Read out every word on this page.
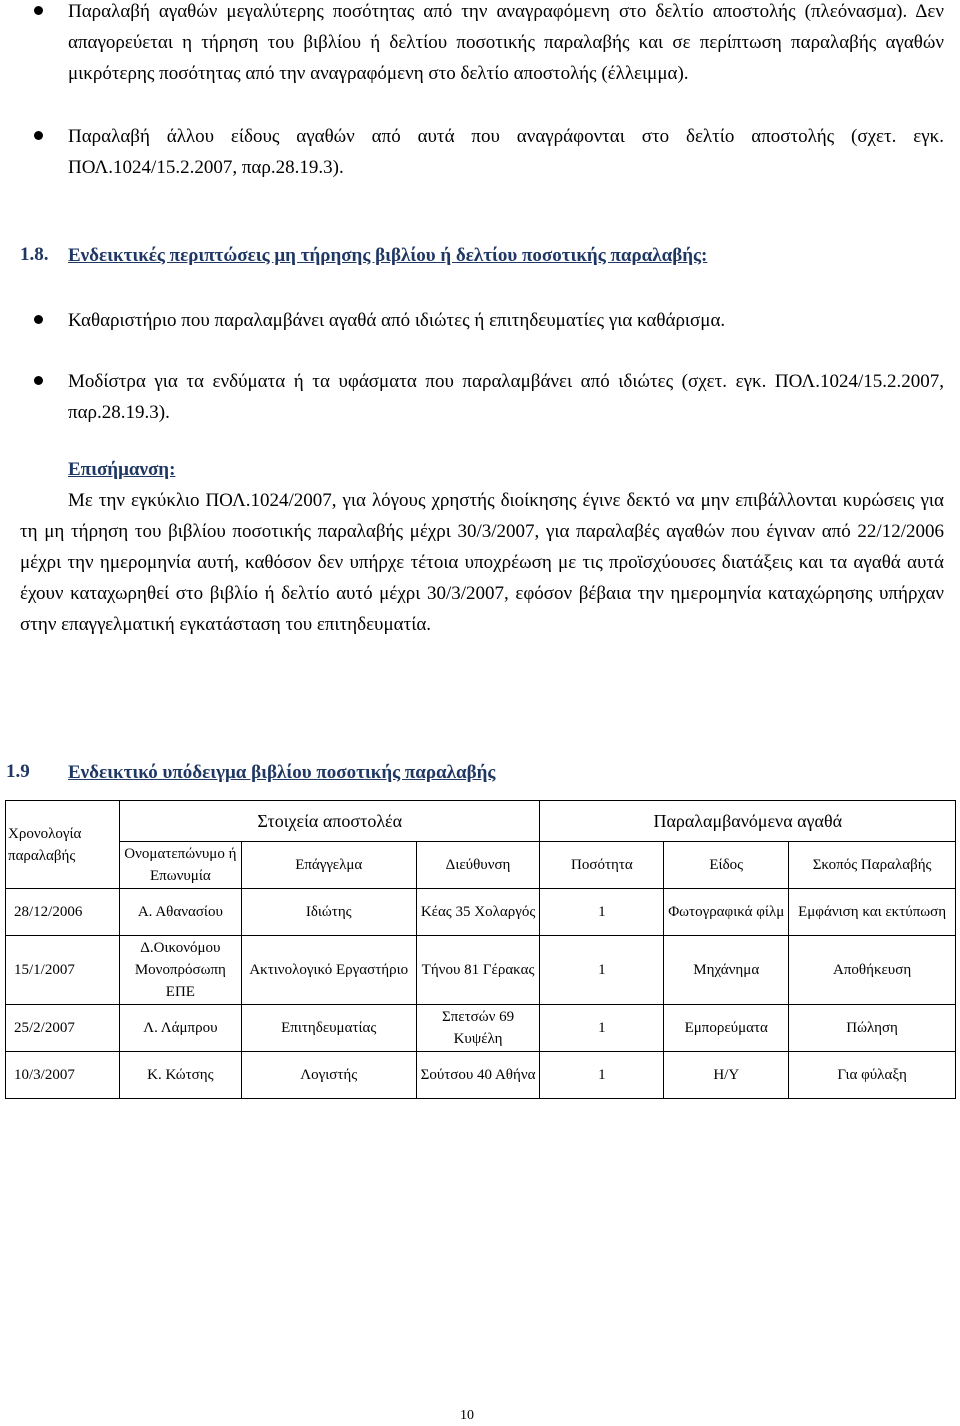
Παραλαβή αγαθών μεγαλύτερης ποσότητας από την αναγραφόμενη στο δελτίο αποστολής (πλεόνασμα). Δεν απαγορεύεται η τήρηση του βιβλίου ή δελτίου ποσοτικής παραλαβής και σε περίπτωση παραλαβής αγαθών μικρότερης ποσότητας από την αναγραφόμενη στο δελτίο αποστολής (έλλειμμα).

Παραλαβή άλλου είδους αγαθών από αυτά που αναγράφονται στο δελτίο αποστολής (σχετ. εγκ. ΠΟΛ.1024/15.2.2007, παρ.28.19.3).

1.8. Ενδεικτικές περιπτώσεις μη τήρησης βιβλίου ή δελτίου ποσοτικής παραλαβής:

Καθαριστήριο που παραλαμβάνει αγαθά από ιδιώτες ή επιτηδευματίες για καθάρισμα.

Μοδίστρα για τα ενδύματα ή τα υφάσματα που παραλαμβάνει από ιδιώτες (σχετ. εγκ. ΠΟΛ.1024/15.2.2007, παρ.28.19.3).

Επισήμανση:

Με την εγκύκλιο ΠΟΛ.1024/2007, για λόγους χρηστής διοίκησης έγινε δεκτό να μην επιβάλλονται κυρώσεις για τη μη τήρηση του βιβλίου ποσοτικής παραλαβής μέχρι 30/3/2007, για παραλαβές αγαθών που έγιναν από 22/12/2006 μέχρι την ημερομηνία αυτή, καθόσον δεν υπήρχε τέτοια υποχρέωση με τις προϊσχύουσες διατάξεις και τα αγαθά αυτά έχουν καταχωρηθεί στο βιβλίο ή δελτίο αυτό μέχρι 30/3/2007, εφόσον βέβαια την ημερομηνία καταχώρησης υπήρχαν στην επαγγελματική εγκατάσταση του επιτηδευματία.

1.9 Ενδεικτικό υπόδειγμα βιβλίου ποσοτικής παραλαβής
Χρονολογία παραλαβής	Στοιχεία αποστολέα			Παραλαμβανόμενα αγαθά		
	Ονοματεπώνυμο ή Επωνυμία	Επάγγελμα	Διεύθυνση	Ποσότητα	Είδος	Σκοπός Παραλαβής
28/12/2006	Α. Αθανασίου	Ιδιώτης	Κέας 35 Χολαργός	1	Φωτογραφικά φίλμ	Εμφάνιση και εκτύπωση
15/1/2007	Δ.Οικονόμου Μονοπρόσωπη ΕΠΕ	Ακτινολογικό Εργαστήριο	Τήνου 81 Γέρακας	1	Μηχάνημα	Αποθήκευση
25/2/2007	Λ. Λάμπρου	Επιτηδευματίας	Σπετσών 69 Κυψέλη	1	Εμπορεύματα	Πώληση
10/3/2007	Κ. Κώτσης	Λογιστής	Σούτσου 40 Αθήνα	1	Η/Υ	Για φύλαξη
10
